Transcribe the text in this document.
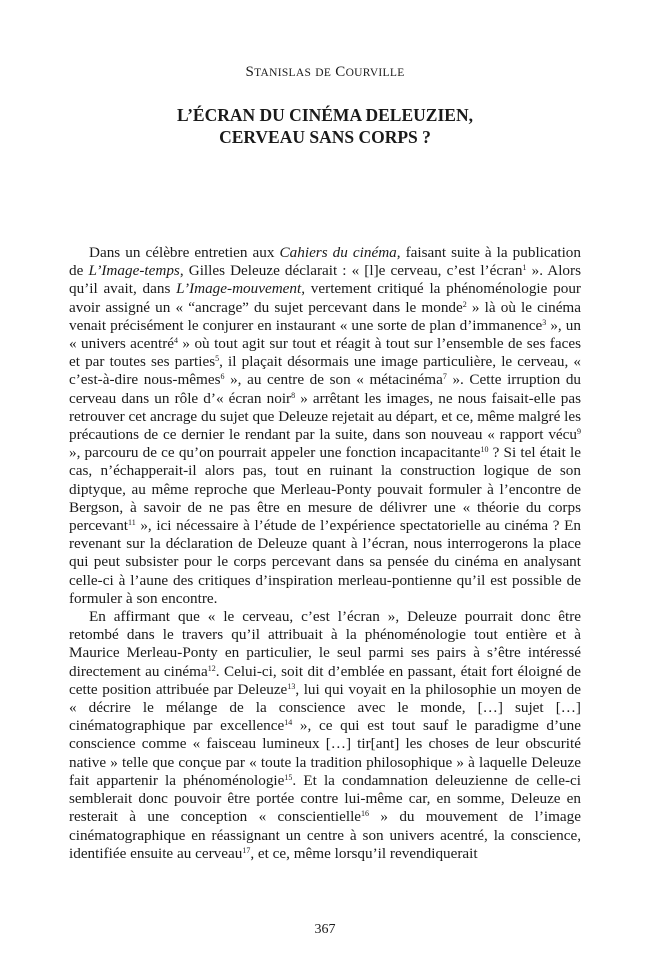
STANISLAS DE COURVILLE
L’ÉCRAN DU CINÉMA DELEUZIEN,
CERVEAU SANS CORPS ?

Dans un célèbre entretien aux Cahiers du cinéma, faisant suite à la publication de L’Image-temps, Gilles Deleuze déclarait : « [l]e cerveau, c’est l’écran$^1$ ». Alors qu’il avait, dans L’Image-mouvement, vertement critiqué la phénoménologie pour avoir assigné un « “ancrage” du sujet percevant dans le monde$^2$ » là où le cinéma venait précisément le conjurer en instaurant « une sorte de plan d’immanence$^3$ », un « univers acentré$^4$ » où tout agit sur tout et réagit à tout sur l’ensemble de ses faces et par toutes ses parties$^5$, il plaçait désormais une image particulière, le cerveau, « c’est-à-dire nous-mêmes$^6$ », au centre de son « métacinéma$^7$ ». Cette irruption du cerveau dans un rôle d’« écran noir$^8$ » arrêtant les images, ne nous faisait-elle pas retrouver cet ancrage du sujet que Deleuze rejetait au départ, et ce, même malgré les précautions de ce dernier le rendant par la suite, dans son nouveau « rapport vécu$^9$ », parcouru de ce qu’on pourrait appeler une fonction incapacitante$^{10}$ ? Si tel était le cas, n’échapperait-il alors pas, tout en ruinant la construction logique de son diptyque, au même reproche que Merleau-Ponty pouvait formuler à l’encontre de Bergson, à savoir de ne pas être en mesure de délivrer une « théorie du corps percevant$^{11}$ », ici nécessaire à l’étude de l’expérience spectatorielle au cinéma ? En revenant sur la déclaration de Deleuze quant à l’écran, nous interrogerons la place qui peut subsister pour le corps percevant dans sa pensée du cinéma en analysant celle-ci à l’aune des critiques d’inspiration merleau-pontienne qu’il est possible de formuler à son encontre.

En affirmant que « le cerveau, c’est l’écran », Deleuze pourrait donc être retombé dans le travers qu’il attribuait à la phénoménologie tout entière et à Maurice Merleau-Ponty en particulier, le seul parmi ses pairs à s’être intéressé directement au cinéma$^{12}$. Celui-ci, soit dit d’emblée en passant, était fort éloigné de cette position attribuée par Deleuze$^{13}$, lui qui voyait en la philosophie un moyen de « décrire le mélange de la conscience avec le monde, […] sujet […] cinématographique par excellence$^{14}$ », ce qui est tout sauf le paradigme d’une conscience comme « faisceau lumineux […] tir[ant] les choses de leur obscurité native » telle que conçue par « toute la tradition philosophique » à laquelle Deleuze fait appartenir la phénoménologie$^{15}$. Et la condamnation deleuzienne de celle-ci semblerait donc pouvoir être portée contre lui-même car, en somme, Deleuze en resterait à une conception « conscientielle$^{16}$ » du mouvement de l’image cinématographique en réassignant un centre à son univers acentré, la conscience, identifiée ensuite au cerveau$^{17}$, et ce, même lorsqu’il revendiquerait

367
